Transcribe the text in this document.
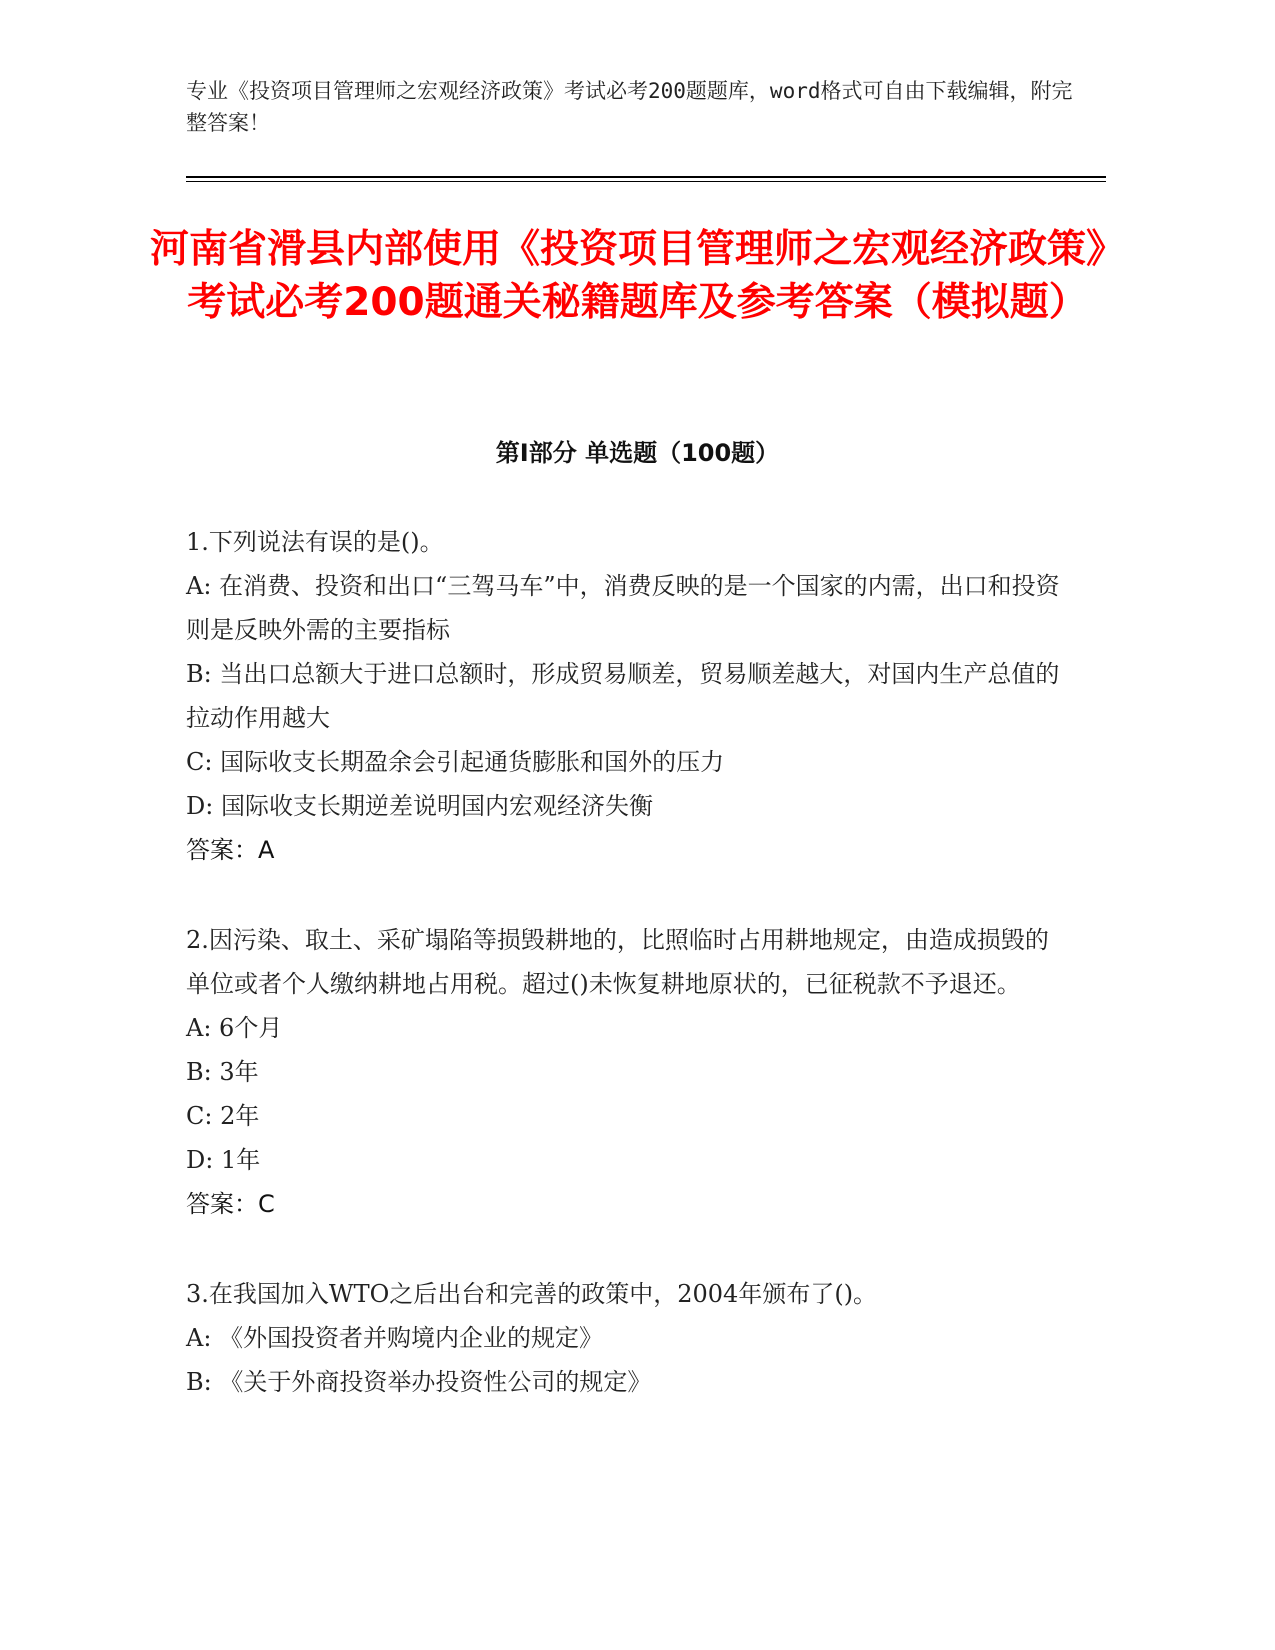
专业《投资项目管理师之宏观经济政策》考试必考200题题库，word格式可自由下载编辑，附完整答案！
河南省滑县内部使用《投资项目管理师之宏观经济政策》考试必考200题通关秘籍题库及参考答案（模拟题）
第I部分 单选题（100题）

1.下列说法有误的是()。

A: 在消费、投资和出口“三驾马车”中，消费反映的是一个国家的内需，出口和投资则是反映外需的主要指标

B: 当出口总额大于进口总额时，形成贸易顺差，贸易顺差越大，对国内生产总值的拉动作用越大

C: 国际收支长期盈余会引起通货膨胀和国外的压力

D: 国际收支长期逆差说明国内宏观经济失衡

答案：A

2.因污染、取土、采矿塌陷等损毁耕地的，比照临时占用耕地规定，由造成损毁的单位或者个人缴纳耕地占用税。超过()未恢复耕地原状的，已征税款不予退还。

A: 6个月

B: 3年

C: 2年

D: 1年

答案：C

3.在我国加入WTO之后出台和完善的政策中，2004年颁布了()。

A: 《外国投资者并购境内企业的规定》

B: 《关于外商投资举办投资性公司的规定》
